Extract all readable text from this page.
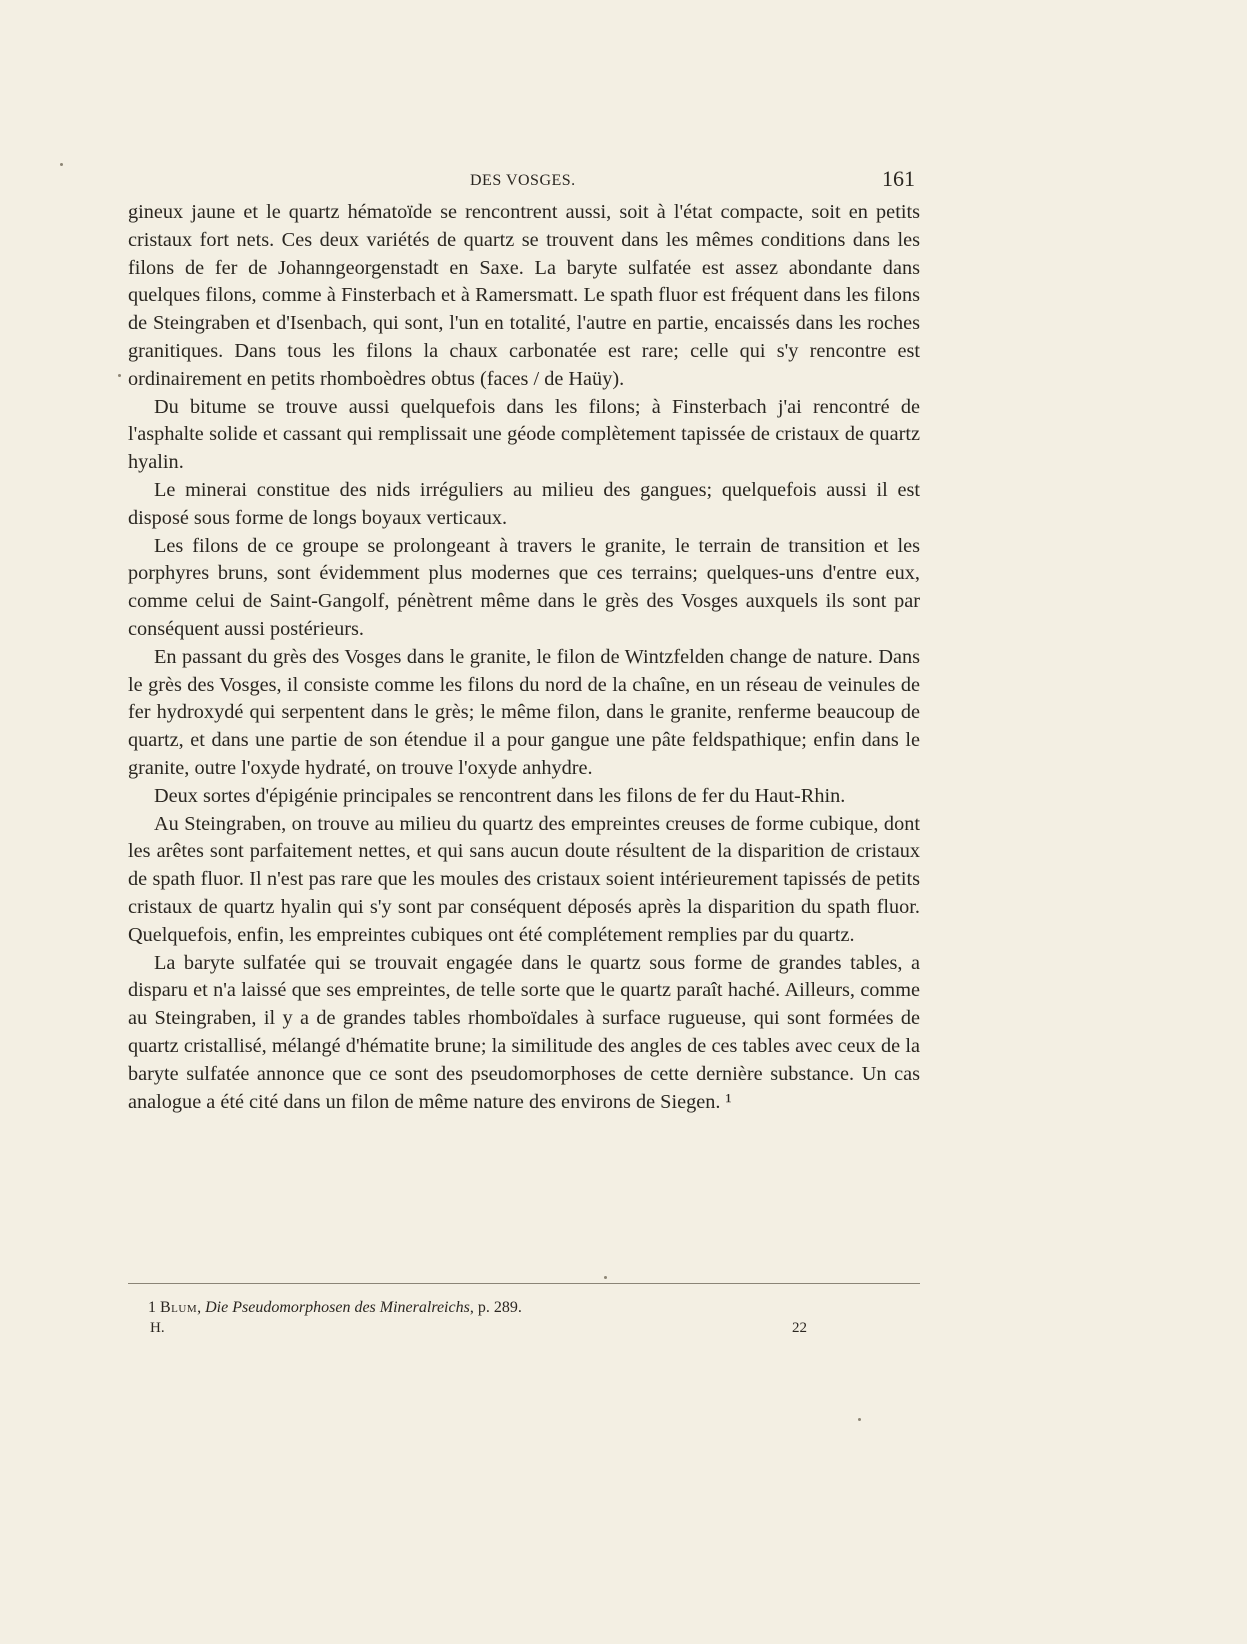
DES VOSGES.	161

gineux jaune et le quartz hématoïde se rencontrent aussi, soit à l'état compacte, soit en petits cristaux fort nets. Ces deux variétés de quartz se trouvent dans les mêmes conditions dans les filons de fer de Johanngeorgenstadt en Saxe. La baryte sulfatée est assez abondante dans quelques filons, comme à Finsterbach et à Ramersmatt. Le spath fluor est fréquent dans les filons de Steingraben et d'Isenbach, qui sont, l'un en totalité, l'autre en partie, encaissés dans les roches granitiques. Dans tous les filons la chaux carbonatée est rare; celle qui s'y rencontre est ordinairement en petits rhomboèdres obtus (faces / de Haüy).

Du bitume se trouve aussi quelquefois dans les filons; à Finsterbach j'ai rencontré de l'asphalte solide et cassant qui remplissait une géode complètement tapissée de cristaux de quartz hyalin.

Le minerai constitue des nids irréguliers au milieu des gangues; quelquefois aussi il est disposé sous forme de longs boyaux verticaux.

Les filons de ce groupe se prolongeant à travers le granite, le terrain de transition et les porphyres bruns, sont évidemment plus modernes que ces terrains; quelques-uns d'entre eux, comme celui de Saint-Gangolf, pénètrent même dans le grès des Vosges auxquels ils sont par conséquent aussi postérieurs.

En passant du grès des Vosges dans le granite, le filon de Wintzfelden change de nature. Dans le grès des Vosges, il consiste comme les filons du nord de la chaîne, en un réseau de veinules de fer hydroxydé qui serpentent dans le grès; le même filon, dans le granite, renferme beaucoup de quartz, et dans une partie de son étendue il a pour gangue une pâte feldspathique; enfin dans le granite, outre l'oxyde hydraté, on trouve l'oxyde anhydre.

Deux sortes d'épigénie principales se rencontrent dans les filons de fer du Haut-Rhin.

Au Steingraben, on trouve au milieu du quartz des empreintes creuses de forme cubique, dont les arêtes sont parfaitement nettes, et qui sans aucun doute résultent de la disparition de cristaux de spath fluor. Il n'est pas rare que les moules des cristaux soient intérieurement tapissés de petits cristaux de quartz hyalin qui s'y sont par conséquent déposés après la disparition du spath fluor. Quelquefois, enfin, les empreintes cubiques ont été complétement remplies par du quartz.

La baryte sulfatée qui se trouvait engagée dans le quartz sous forme de grandes tables, a disparu et n'a laissé que ses empreintes, de telle sorte que le quartz paraît haché. Ailleurs, comme au Steingraben, il y a de grandes tables rhomboïdales à surface rugueuse, qui sont formées de quartz cristallisé, mélangé d'hématite brune; la similitude des angles de ces tables avec ceux de la baryte sulfatée annonce que ce sont des pseudomorphoses de cette dernière substance. Un cas analogue a été cité dans un filon de même nature des environs de Siegen. ¹

1 Blum, Die Pseudomorphosen des Mineralreichs, p. 289.
H.	22
